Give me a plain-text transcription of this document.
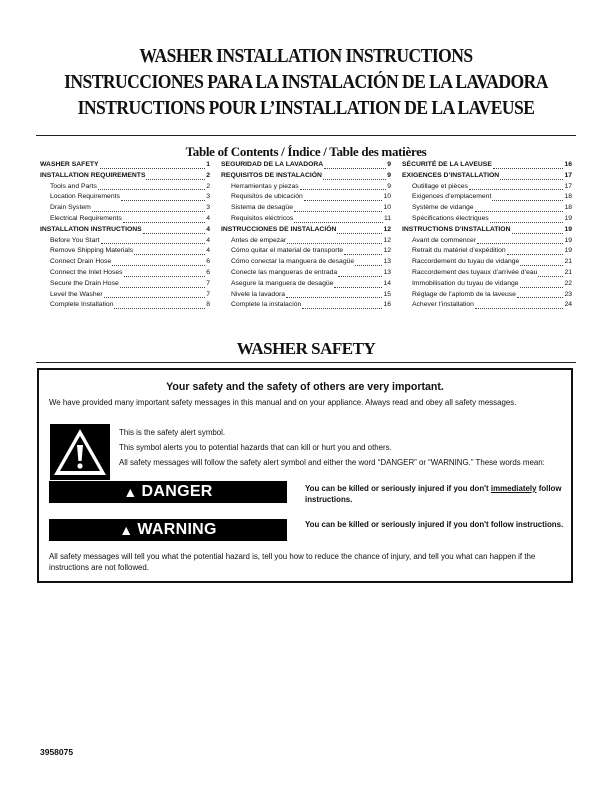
WASHER INSTALLATION INSTRUCTIONS
INSTRUCCIONES PARA LA INSTALACIÓN DE LA LAVADORA
INSTRUCTIONS POUR L’INSTALLATION DE LA LAVEUSE
Table of Contents / Índice / Table des matières
WASHER SAFETY	1
INSTALLATION REQUIREMENTS	2
Tools and Parts	2
Location Requirements	3
Drain System	3
Electrical Requirements	4
INSTALLATION INSTRUCTIONS	4
Before You Start	4
Remove Shipping Materials	4
Connect Drain Hose	6
Connect the Inlet Hoses	6
Secure the Drain Hose	7
Level the Washer	7
Complete Installation	8
SEGURIDAD DE LA LAVADORA	9
REQUISITOS DE INSTALACIÓN	9
Herramientas y piezas	9
Requisitos de ubicación	10
Sistema de desagüe	10
Requisitos eléctricos	11
INSTRUCCIONES DE INSTALACIÓN	12
Antes de empezar	12
Cómo quitar el material de transporte	12
Cómo conectar la manguera de desagüe	13
Conecte las mangueras de entrada	13
Asegure la manguera de desagüe	14
Nivele la lavadora	15
Complete la instalación	16
SÉCURITÉ DE LA LAVEUSE	16
EXIGENCES D’INSTALLATION	17
Outillage et pièces	17
Exigences d’emplacement	18
Système de vidange	18
Spécifications électriques	19
INSTRUCTIONS D’INSTALLATION	19
Avant de commencer	19
Retrait du matériel d’expédition	19
Raccordement du tuyau de vidange	21
Raccordement des tuyaux d’arrivée d’eau	21
Immobilisation du tuyau de vidange	22
Réglage de l’aplomb de la laveuse	23
Achever l’installation	24
WASHER SAFETY
Your safety and the safety of others are very important.
We have provided many important safety messages in this manual and on your appliance. Always read and obey all safety messages.
This is the safety alert symbol.
This symbol alerts you to potential hazards that can kill or hurt you and others.
All safety messages will follow the safety alert symbol and either the word “DANGER” or “WARNING.” These words mean:
▲ DANGER	You can be killed or seriously injured if you don't immediately follow instructions.
▲ WARNING	You can be killed or seriously injured if you don't follow instructions.
All safety messages will tell you what the potential hazard is, tell you how to reduce the chance of injury, and tell you what can happen if the instructions are not followed.
3958075
